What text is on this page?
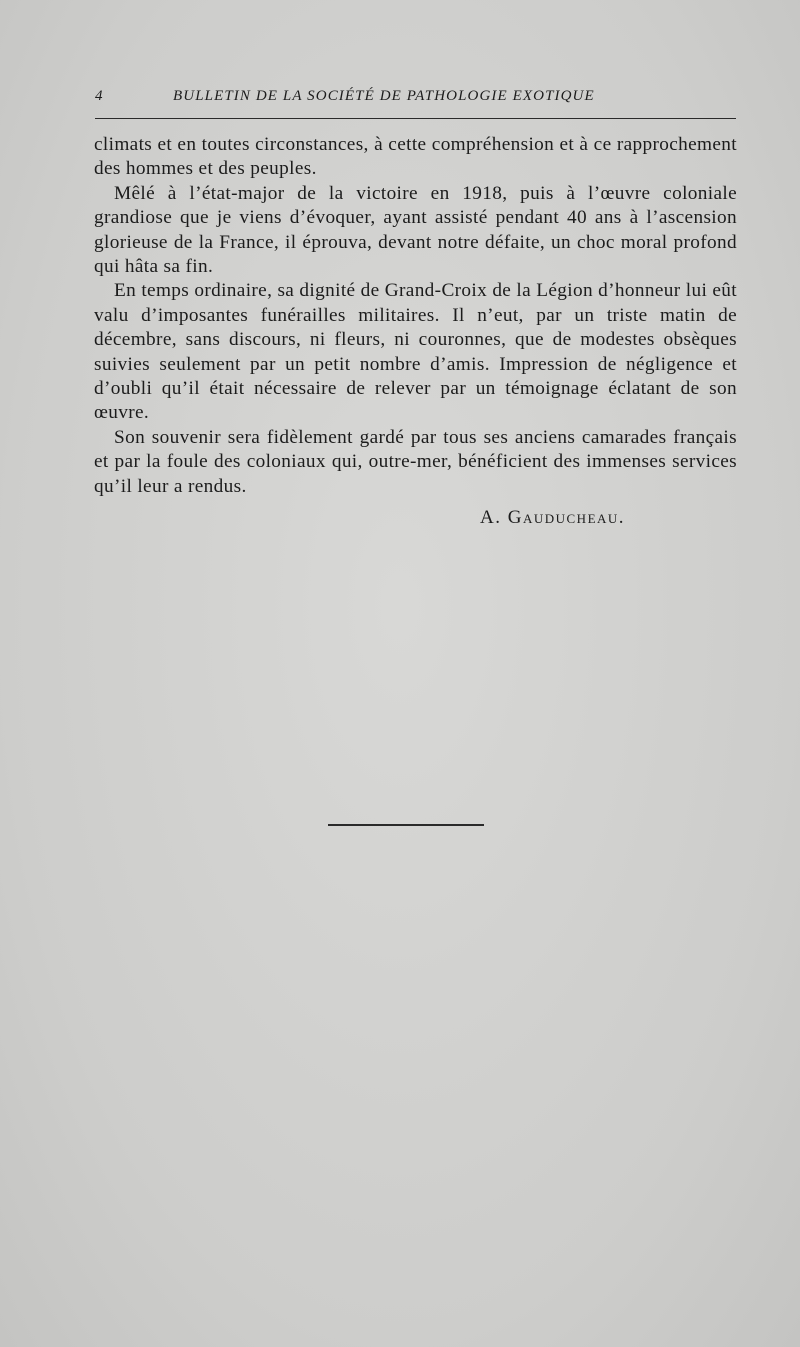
4	BULLETIN DE LA SOCIÉTÉ DE PATHOLOGIE EXOTIQUE

climats et en toutes circonstances, à cette compréhension et à ce rapprochement des hommes et des peuples.

Mêlé à l’état-major de la victoire en 1918, puis à l’œuvre coloniale grandiose que je viens d’évoquer, ayant assisté pendant 40 ans à l’ascension glorieuse de la France, il éprouva, devant notre défaite, un choc moral profond qui hâta sa fin.

En temps ordinaire, sa dignité de Grand-Croix de la Légion d’honneur lui eût valu d’imposantes funérailles militaires. Il n’eut, par un triste matin de décembre, sans discours, ni fleurs, ni couronnes, que de modestes obsèques suivies seulement par un petit nombre d’amis. Impression de négligence et d’oubli qu’il était nécessaire de relever par un témoignage éclatant de son œuvre.

Son souvenir sera fidèlement gardé par tous ses anciens camarades français et par la foule des coloniaux qui, outre-mer, bénéficient des immenses services qu’il leur a rendus.

A. Gauducheau.
